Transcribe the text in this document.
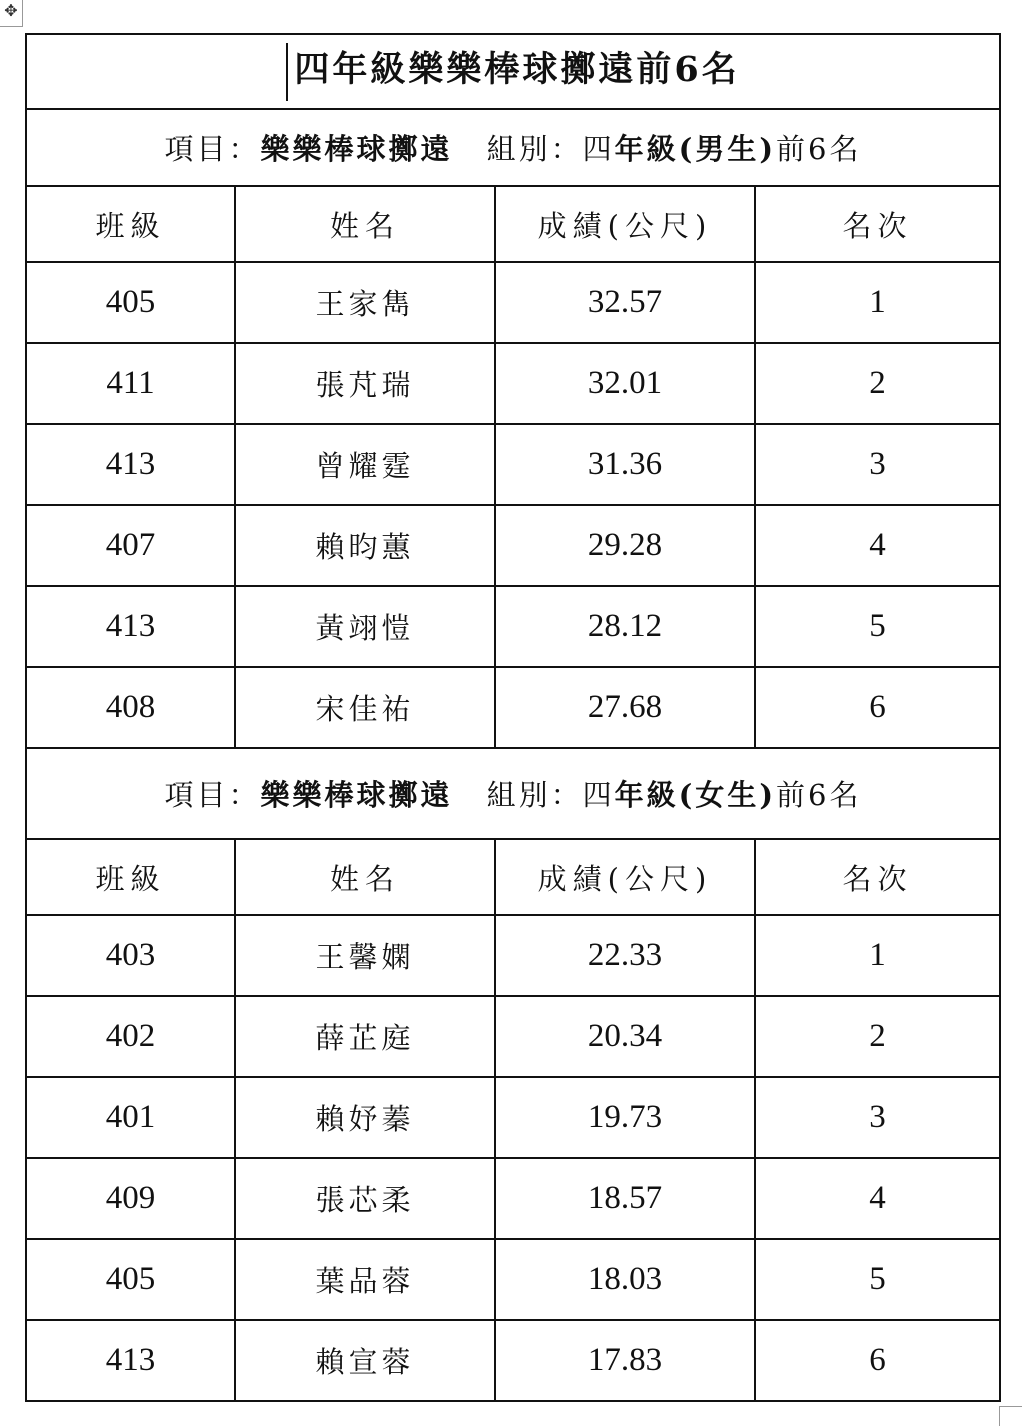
✥
四年級樂樂棒球擲遠前6名			
項目：樂樂棒球擲遠 組別：四年級(男生)前6名			
班級	姓名	成績(公尺)	名次
405	王家雋	32.57	1
411	張芃瑞	32.01	2
413	曾耀霆	31.36	3
407	賴昀蕙	29.28	4
413	黃翊愷	28.12	5
408	宋佳祐	27.68	6
項目：樂樂棒球擲遠 組別：四年級(女生)前6名			
班級	姓名	成績(公尺)	名次
403	王馨嫻	22.33	1
402	薛芷庭	20.34	2
401	賴妤蓁	19.73	3
409	張芯柔	18.57	4
405	葉品蓉	18.03	5
413	賴宣蓉	17.83	6
